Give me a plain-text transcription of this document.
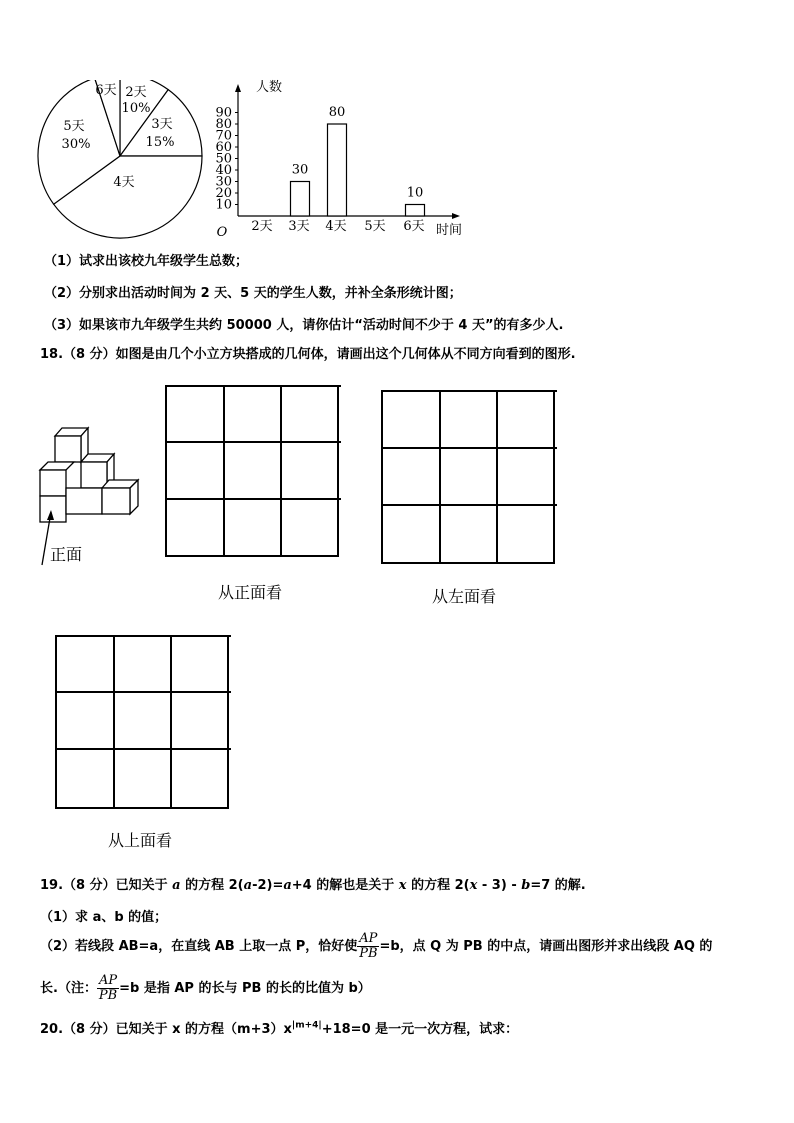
2天
10%
3天
15%
4天
5天
30%
6天
10
20
30
40
50
60
70
80
90
O
人数
时间
2天 3天
30
4天
80
5天 6天
10
（1）试求出该校九年级学生总数；
（2）分别求出活动时间为 2 天、5 天的学生人数，并补全条形统计图；
（3）如果该市九年级学生共约 50000 人，请你估计“活动时间不少于 4 天”的有多少人.
18.（8 分）如图是由几个小立方块搭成的几何体，请画出这个几何体从不同方向看到的图形.
正面
从正面看	从左面看
从上面看
19.（8 分）已知关于 a 的方程 2(a-2)=a+4 的解也是关于 x 的方程 2(x - 3) - b=7 的解.
（1）求 a、b 的值；
（2）若线段 AB=a，在直线 AB 上取一点 P，恰好使 $\frac{AP}{PB} =b$，点 Q 为 PB 的中点，请画出图形并求出线段 AQ 的
长.（注： $\frac{AP}{PB} =b$ 是指 AP 的长与 PB 的长的比值为 b）
20.（8 分）已知关于 x 的方程$(m+3)x^{|m+4|}+18=0$ 是一元一次方程，试求：
